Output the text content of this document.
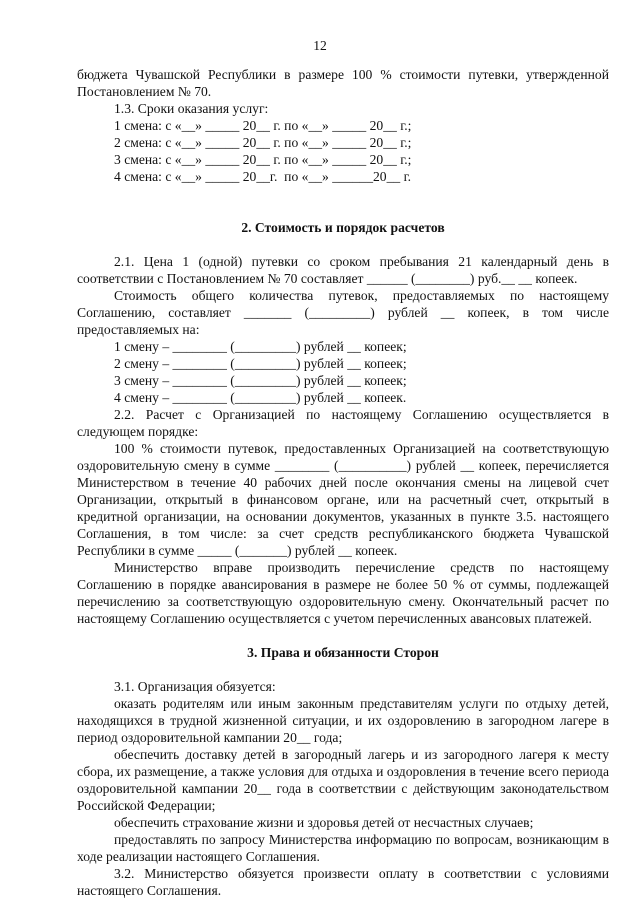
12

бюджета Чувашской Республики в размере 100 % стоимости путевки, утвержденной Постановлением № 70.

1.3. Сроки оказания услуг:

1 смена: с «__» _____ 20__ г. по «__» _____ 20__ г.;

2 смена: с «__» _____ 20__ г. по «__» _____ 20__ г.;

3 смена: с «__» _____ 20__ г. по «__» _____ 20__ г.;

4 смена: с «__» _____ 20__г.  по «__» ______20__ г.

2. Стоимость и порядок расчетов

2.1. Цена 1 (одной) путевки со сроком пребывания 21 календарный день в соответствии с Постановлением № 70 составляет ______ (________) руб.__ __ копеек.

Стоимость общего количества путевок, предоставляемых по настоящему Соглашению, составляет _______ (_________) рублей __ копеек, в том числе предоставляемых на:

1 смену – ________ (_________) рублей __ копеек;

2 смену – ________ (_________) рублей __ копеек;

3 смену – ________ (_________) рублей __ копеек;

4 смену – ________ (_________) рублей __ копеек.

2.2. Расчет с Организацией по настоящему Соглашению осуществляется в следующем порядке:

100 % стоимости путевок, предоставленных Организацией на соответствующую оздоровительную смену в сумме ________ (__________) рублей __ копеек, перечисляется Министерством в течение 40 рабочих дней после окончания смены на лицевой счет Организации, открытый в финансовом органе, или на расчетный счет, открытый в кредитной организации, на основании документов, указанных в пункте 3.5. настоящего Соглашения, в том числе: за счет средств республиканского бюджета Чувашской Республики в сумме _____ (_______) рублей __ копеек.

Министерство вправе производить перечисление средств по настоящему Соглашению в порядке авансирования в размере не более 50 % от суммы, подлежащей перечислению за соответствующую оздоровительную смену. Окончательный расчет по настоящему Соглашению осуществляется с учетом перечисленных авансовых платежей.

3. Права и обязанности Сторон

3.1. Организация обязуется:

оказать родителям или иным законным представителям услуги по отдыху детей, находящихся в трудной жизненной ситуации, и их оздоровлению в загородном лагере в период оздоровительной кампании 20__ года;

обеспечить доставку детей в загородный лагерь и из загородного лагеря к месту сбора, их размещение, а также условия для отдыха и оздоровления в течение всего периода оздоровительной кампании 20__ года в соответствии с действующим законодательством Российской Федерации;

обеспечить страхование жизни и здоровья детей от несчастных случаев;

предоставлять по запросу Министерства информацию по вопросам, возникающим в ходе реализации настоящего Соглашения.

3.2. Министерство обязуется произвести оплату в соответствии с условиями настоящего Соглашения.
